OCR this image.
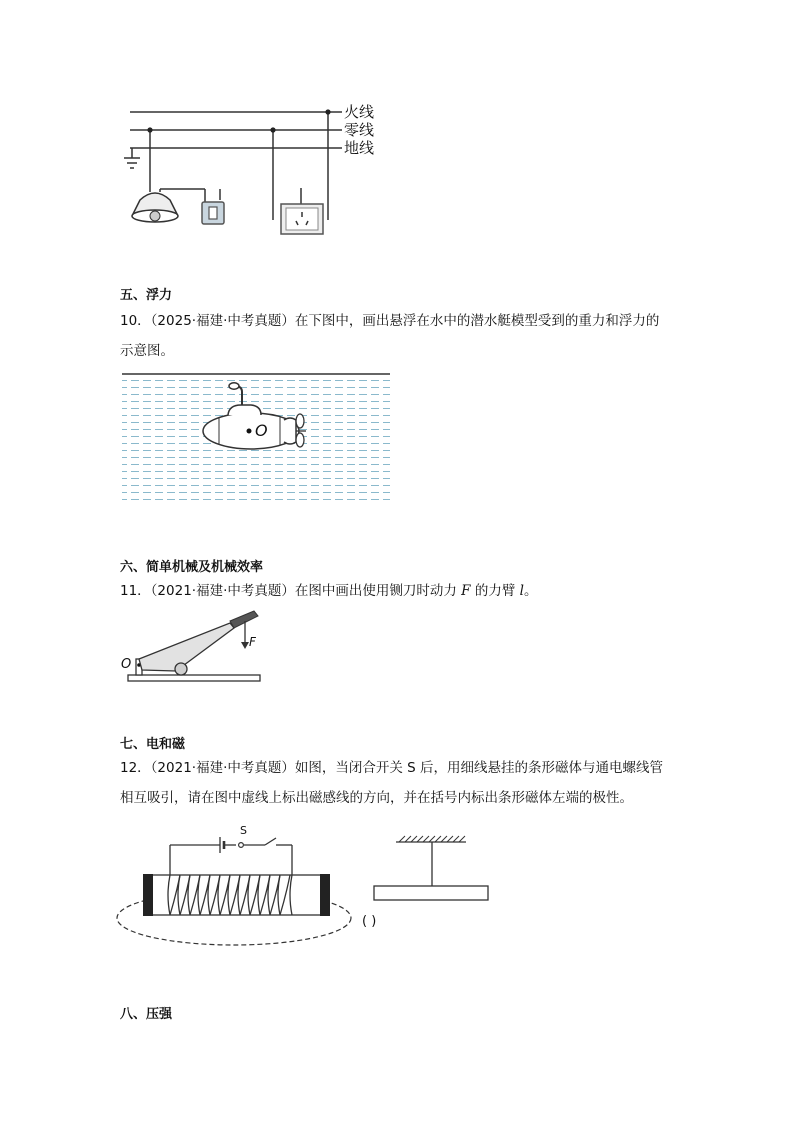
火线
零线
地线
五、浮力
10．（2025·福建·中考真题）在下图中，画出悬浮在水中的潜水艇模型受到的重力和浮力的
示意图。
O
六、简单机械及机械效率
11．（2021·福建·中考真题）在图中画出使用铡刀时动力 F 的力臂 l。
F
O
七、电和磁
12．（2021·福建·中考真题）如图，当闭合开关 S 后，用细线悬挂的条形磁体与通电螺线管
相互吸引，请在图中虚线上标出磁感线的方向，并在括号内标出条形磁体左端的极性。
S
( )
八、压强
